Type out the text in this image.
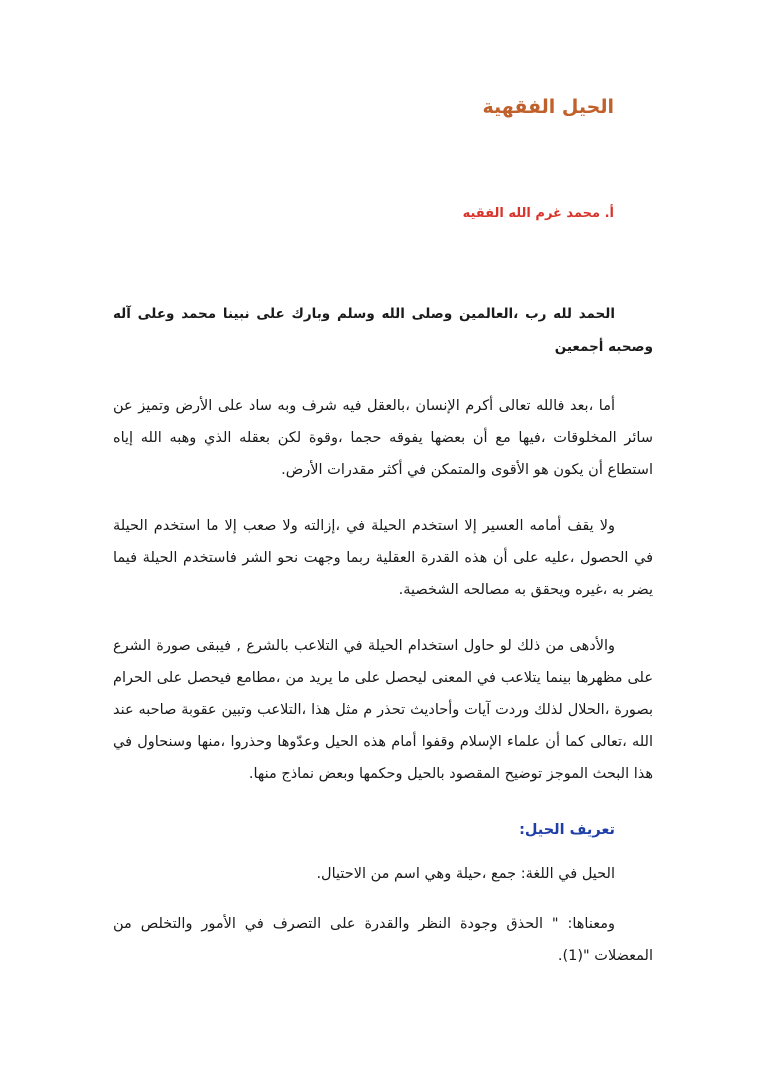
الحيل الفقهية
أ. محمد غرم الله الفقيه

الحمد لله رب ،العالمين وصلى الله وسلم وبارك على نبينا محمد وعلى آله وصحبه أجمعين

أما ،بعد فالله تعالى أكرم الإنسان ،بالعقل فيه شرف وبه ساد على الأرض وتميز عن سائر المخلوقات ،فيها مع أن بعضها يفوقه حجما ،وقوة لكن بعقله الذي وهبه الله إياه استطاع أن يكون هو الأقوى والمتمكن في أكثر مقدرات الأرض.

ولا يقف أمامه العسير إلا استخدم الحيلة في ،إزالته ولا صعب إلا ما استخدم الحيلة في الحصول ،عليه على أن هذه القدرة العقلية ربما وجهت نحو الشر فاستخدم الحيلة فيما يضر به ،غيره ويحقق به مصالحه الشخصية.

والأدهى من ذلك لو حاول استخدام الحيلة في التلاعب بالشرع , فيبقى صورة الشرع على مظهرها بينما يتلاعب في المعنى ليحصل على ما يريد من ،مطامع فيحصل على الحرام بصورة ،الحلال لذلك وردت آيات وأحاديث تحذر م مثل هذا ،التلاعب وتبين عقوبة صاحبه عند الله ،تعالى كما أن علماء الإسلام وقفوا أمام هذه الحيل وعدّوها وحذروا ،منها وسنحاول في هذا البحث الموجز توضيح المقصود بالحيل وحكمها وبعض نماذج منها.

تعريف الحيل:

الحيل في اللغة: جمع ،حيلة وهي اسم من الاحتيال.

ومعناها: " الحذق وجودة النظر والقدرة على التصرف في الأمور والتخلص من المعضلات "(1).
